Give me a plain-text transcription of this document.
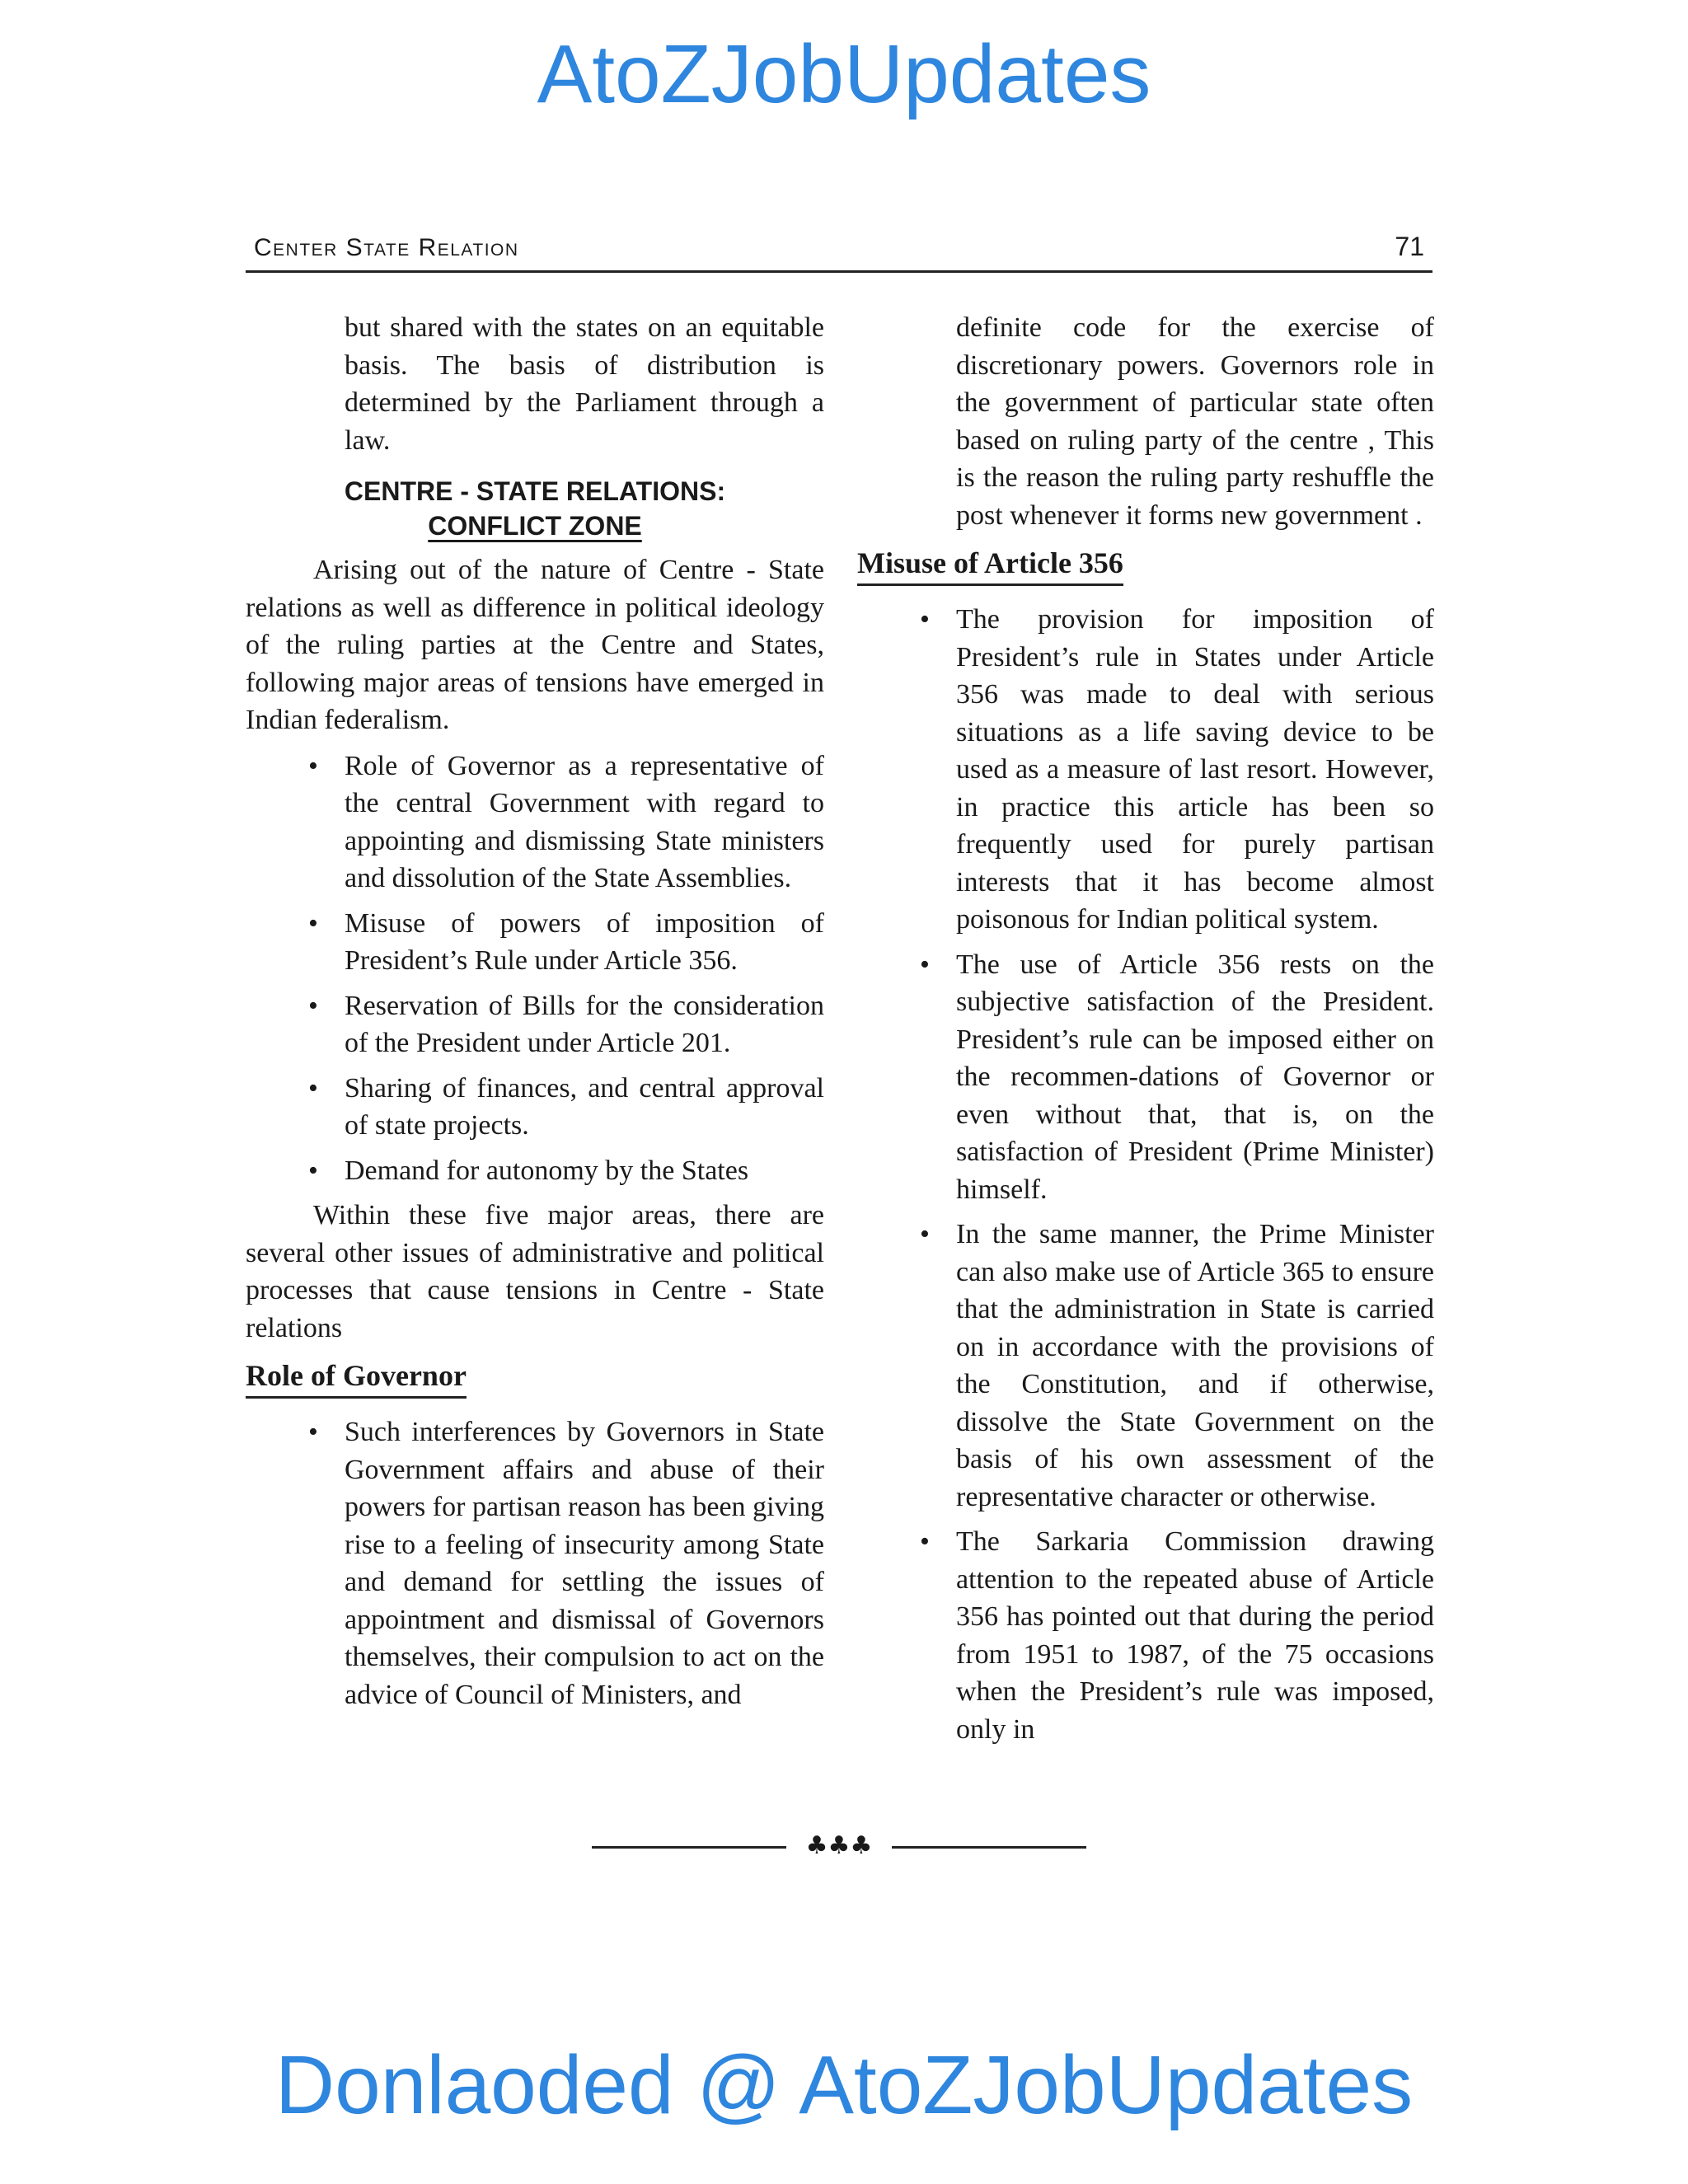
AtoZJobUpdates
Center State Relation	71

but shared with the states on an equitable basis. The basis of distribution is determined by the Parliament through a law.

CENTRE - STATE RELATIONS:
CONFLICT ZONE

Arising out of the nature of Centre - State relations as well as difference in political ideology of the ruling parties at the Centre and States, following major areas of tensions have emerged in Indian federalism.

• Role of Governor as a representative of the central Government with regard to appointing and dismissing State ministers and dissolution of the State Assemblies.
• Misuse of powers of imposition of President’s Rule under Article 356.
• Reservation of Bills for the consideration of the President under Article 201.
• Sharing of finances, and central approval of state projects.
• Demand for autonomy by the States

Within these five major areas, there are several other issues of administrative and political processes that cause tensions in Centre - State relations

Role of Governor
• Such interferences by Governors in State Government affairs and abuse of their powers for partisan reason has been giving rise to a feeling of insecurity among State and demand for settling the issues of appointment and dismissal of Governors themselves, their compulsion to act on the advice of Council of Ministers, and

definite code for the exercise of discretionary powers. Governors role in the government of particular state often based on ruling party of the centre , This is the reason the ruling party reshuffle the post whenever it forms new government .

Misuse of Article 356
• The provision for imposition of President’s rule in States under Article 356 was made to deal with serious situations as a life saving device to be used as a measure of last resort. However, in practice this article has been so frequently used for purely partisan interests that it has become almost poisonous for Indian political system.
• The use of Article 356 rests on the subjective satisfaction of the President. President’s rule can be imposed either on the recommen-dations of Governor or even without that, that is, on the satisfaction of President (Prime Minister) himself.
• In the same manner, the Prime Minister can also make use of Article 365 to ensure that the administration in State is carried on in accordance with the provisions of the Constitution, and if otherwise, dissolve the State Government on the basis of his own assessment of the representative character or otherwise.
• The Sarkaria Commission drawing attention to the repeated abuse of Article 356 has pointed out that during the period from 1951 to 1987, of the 75 occasions when the President’s rule was imposed, only in
♣♣♣
Donlaoded @ AtoZJobUpdates
